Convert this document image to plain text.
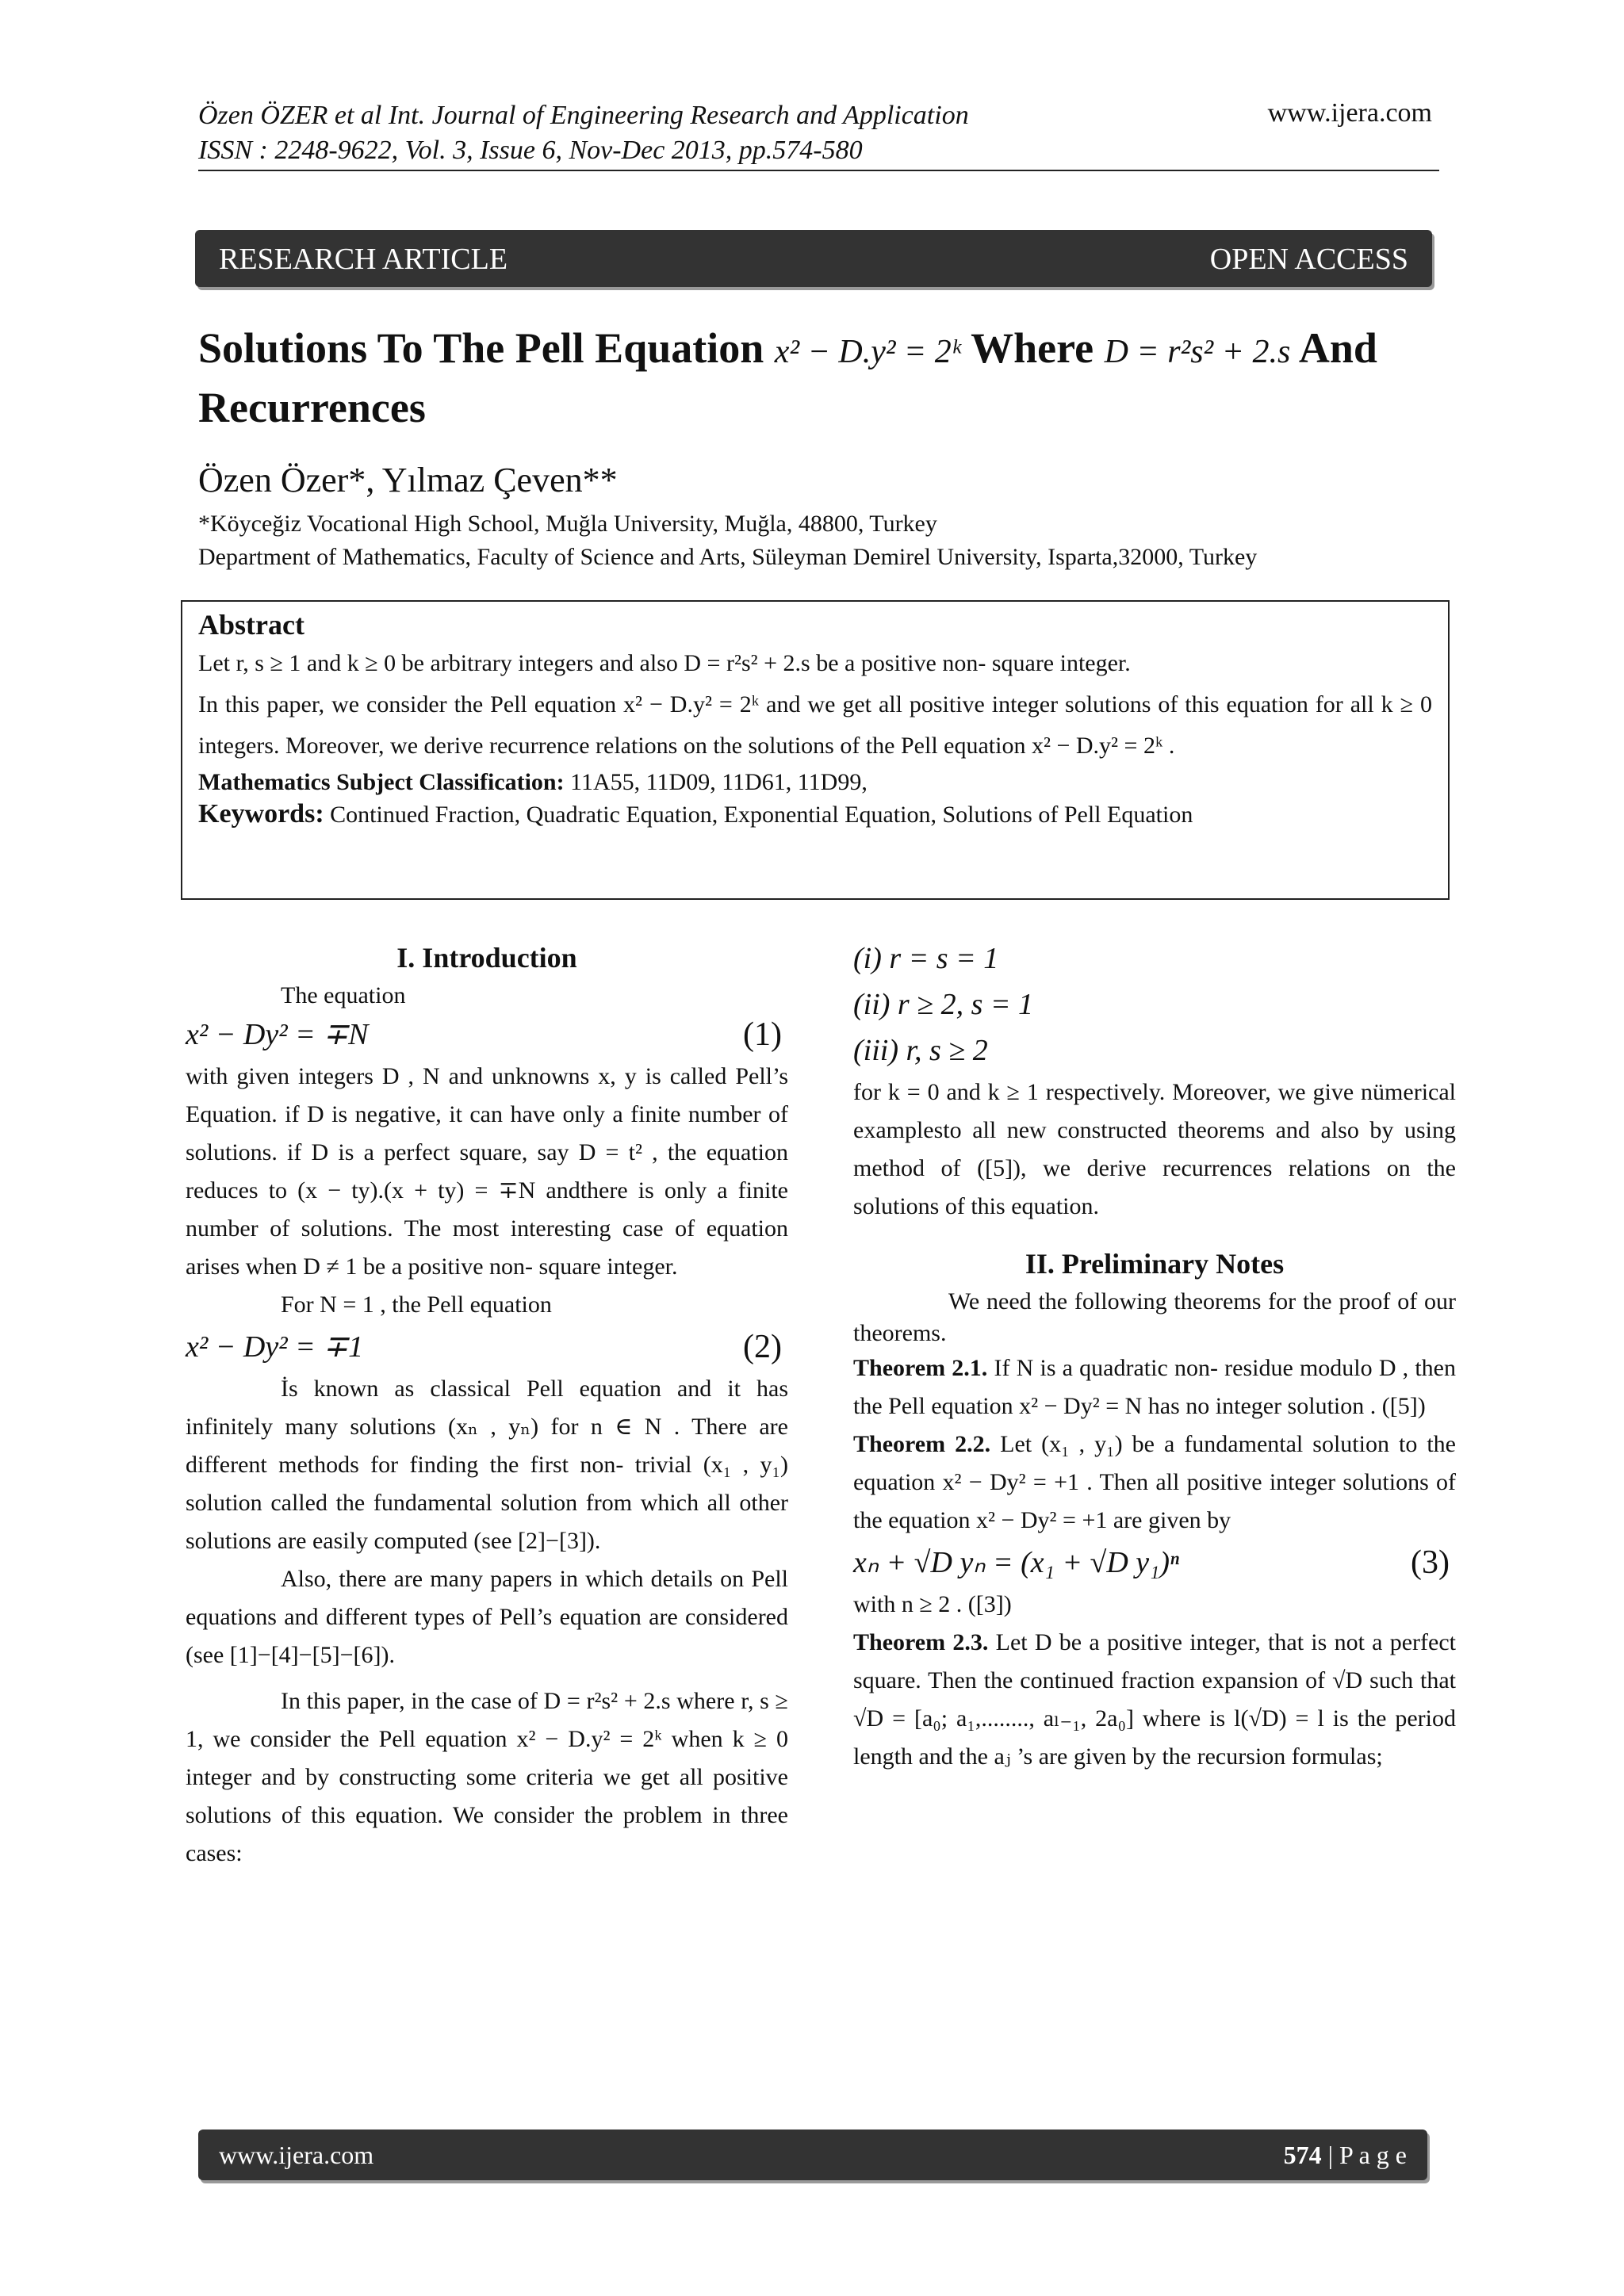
Özen ÖZER et al Int. Journal of Engineering Research and Application
ISSN : 2248-9622, Vol. 3, Issue 6, Nov-Dec 2013, pp.574-580
www.ijera.com
RESEARCH ARTICLE	OPEN ACCESS
Solutions To The Pell Equation x² − D.y² = 2ᵏ Where D = r²s² + 2.s And Recurrences
Özen Özer*, Yılmaz Çeven**
*Köyceğiz Vocational High School, Muğla University, Muğla, 48800, Turkey
Department of Mathematics, Faculty of Science and Arts, Süleyman Demirel University, Isparta,32000, Turkey
Abstract

Let r, s ≥ 1 and k ≥ 0 be arbitrary integers and also D = r²s² + 2.s be a positive non- square integer.

In this paper, we consider the Pell equation x² − D.y² = 2ᵏ and we get all positive integer solutions of this equation for all k ≥ 0 integers. Moreover, we derive recurrence relations on the solutions of the Pell equation x² − D.y² = 2ᵏ .

Mathematics Subject Classification: 11A55, 11D09, 11D61, 11D99,

Keywords: Continued Fraction, Quadratic Equation, Exponential Equation, Solutions of Pell Equation

I. Introduction

The equation

x² − Dy² = ∓N	(1)

with given integers D , N and unknowns x, y is called Pell’s Equation. if D is negative, it can have only a finite number of solutions. if D is a perfect square, say D = t² , the equation reduces to (x − ty).(x + ty) = ∓N andthere is only a finite number of solutions. The most interesting case of equation arises when D ≠ 1 be a positive non- square integer.

For N = 1 , the Pell equation

x² − Dy² = ∓1	(2)

İs known as classical Pell equation and it has infinitely many solutions (xₙ , yₙ) for n ∈ N . There are different methods for finding the first non- trivial (x₁ , y₁) solution called the fundamental solution from which all other solutions are easily computed (see [2]−[3]).

Also, there are many papers in which details on Pell equations and different types of Pell’s equation are considered (see [1]−[4]−[5]−[6]).

In this paper, in the case of D = r²s² + 2.s where r, s ≥ 1, we consider the Pell equation x² − D.y² = 2ᵏ when k ≥ 0 integer and by constructing some criteria we get all positive solutions of this equation. We consider the problem in three cases:

(i) r = s = 1
(ii) r ≥ 2, s = 1
(iii) r, s ≥ 2

for k = 0 and k ≥ 1 respectively. Moreover, we give nümerical examplesto all new constructed theorems and also by using method of ([5]), we derive recurrences relations on the solutions of this equation.

II. Preliminary Notes

We need the following theorems for the proof of our theorems.

Theorem 2.1. If N is a quadratic non- residue modulo D , then the Pell equation x² − Dy² = N has no integer solution . ([5])

Theorem 2.2. Let (x₁ , y₁) be a fundamental solution to the equation x² − Dy² = +1 . Then all positive integer solutions of the equation x² − Dy² = +1 are given by

xₙ + √D yₙ = (x₁ + √D y₁)ⁿ	(3)

with n ≥ 2 . ([3])

Theorem 2.3. Let D be a positive integer, that is not a perfect square. Then the continued fraction expansion of √D such that √D = [a₀; a₁,........, aₗ₋₁, 2a₀] where is l(√D) = l is the period length and the aⱼ ’s are given by the recursion formulas;

www.ijera.com	574 | P a g e
